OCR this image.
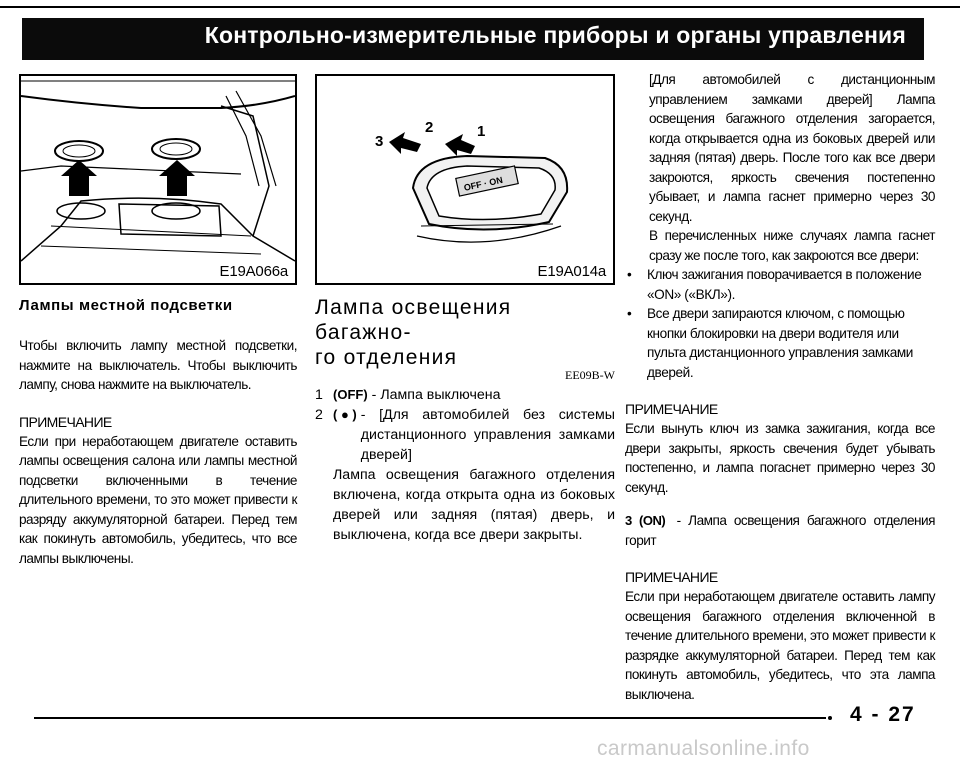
Контрольно-измерительные приборы и органы управления
E19A066a
Лампы местной подсветки

Чтобы включить лампу местной подсветки, нажмите на выключатель. Чтобы выключить лампу, снова нажмите на выключатель.

ПРИМЕЧАНИЕ

Если при неработающем двигателе оставить лампы освещения салона или лампы местной подсветки включенными в течение длительного времени, то это может привести к разряду аккумуляторной батареи. Перед тем как покинуть автомобиль, убедитесь, что все лампы выключены.

3
2	1
OFF · ON
E19A014a
Лампа освещения багажно-
го отделения
EE09B-W
1 (OFF) - Лампа выключена
2 ( ● ) - [Для автомобилей без системы дистанционного управления замками дверей]

Лампа освещения багажного отделения включена, когда открыта одна из боковых дверей или задняя (пятая) дверь, и выключена, когда все двери закрыты.

[Для автомобилей с дистанционным управлением замками дверей] Лампа освещения багажного отделения загорается, когда открывается одна из боковых дверей или задняя (пятая) дверь. После того как все двери закроются, яркость свечения постепенно убывает, и лампа гаснет примерно через 30 секунд.

В перечисленных ниже случаях лампа гаснет сразу же после того, как закроются все двери:

•	Ключ зажигания поворачивается в положение «ON» («ВКЛ»).
•	Все двери запираются ключом, с помощью кнопки блокировки на двери водителя или пульта дистанционного управления замками дверей.

ПРИМЕЧАНИЕ

Если вынуть ключ из замка зажигания, когда все двери закрыты, яркость свечения будет убывать постепенно, и лампа погаснет примерно через 30 секунд.

3 (ON) - Лампа освещения багажного отделения горит

ПРИМЕЧАНИЕ

Если при неработающем двигателе оставить лампу освещения багажного отделения включенной в течение длительного времени, это может привести к разрядке аккумуляторной батареи. Перед тем как покинуть автомобиль, убедитесь, что эта лампа выключена.

4 - 27
carmanualsonline.info
